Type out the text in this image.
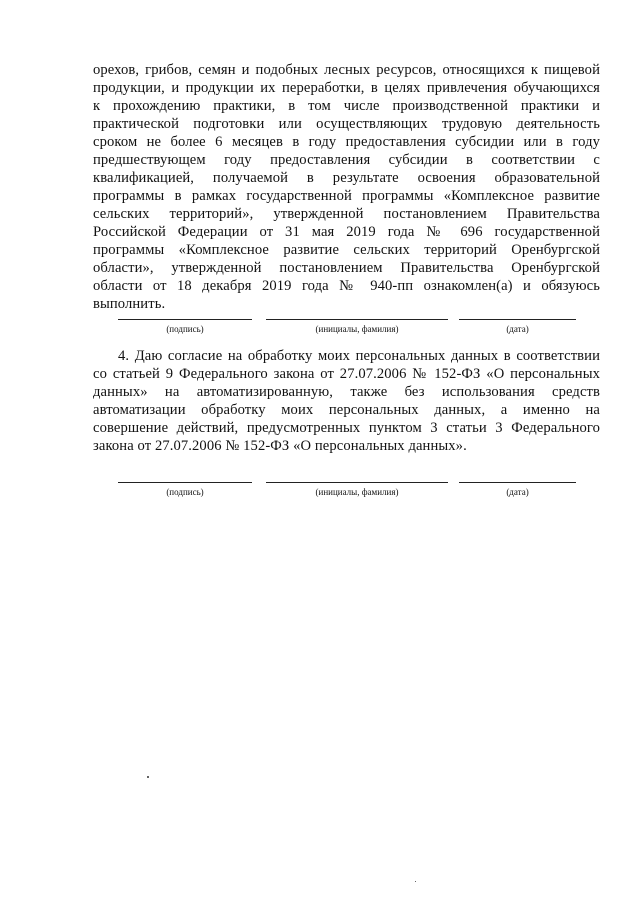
орехов, грибов, семян и подобных лесных ресурсов, относящихся к пищевой
продукции, и продукции их переработки, в целях привлечения обучающихся
к прохождению практики, в том числе производственной практики и
практической подготовки или осуществляющих трудовую деятельность
сроком не более 6 месяцев в году предоставления субсидии или в году
предшествующем году предоставления субсидии в соответствии с
квалификацией, получаемой в результате освоения образовательной
программы в рамках государственной программы «Комплексное развитие
сельских территорий», утвержденной постановлением Правительства
Российской Федерации от 31 мая 2019 года № 696 государственной
программы «Комплексное развитие сельских территорий Оренбургской
области», утвержденной постановлением Правительства Оренбургской
области от 18 декабря 2019 года № 940-пп ознакомлен(а) и обязуюсь
выполнить.
(подпись)	(инициалы, фамилия)	(дата)
4. Даю согласие на обработку моих персональных данных в соответствии
со статьей 9 Федерального закона от 27.07.2006 № 152-ФЗ «О персональных
данных» на автоматизированную, также без использования средств
автоматизации обработку моих персональных данных, а именно на
совершение действий, предусмотренных пунктом 3 статьи 3 Федерального
закона от 27.07.2006 № 152-ФЗ «О персональных данных».
(подпись)	(инициалы, фамилия)	(дата)
